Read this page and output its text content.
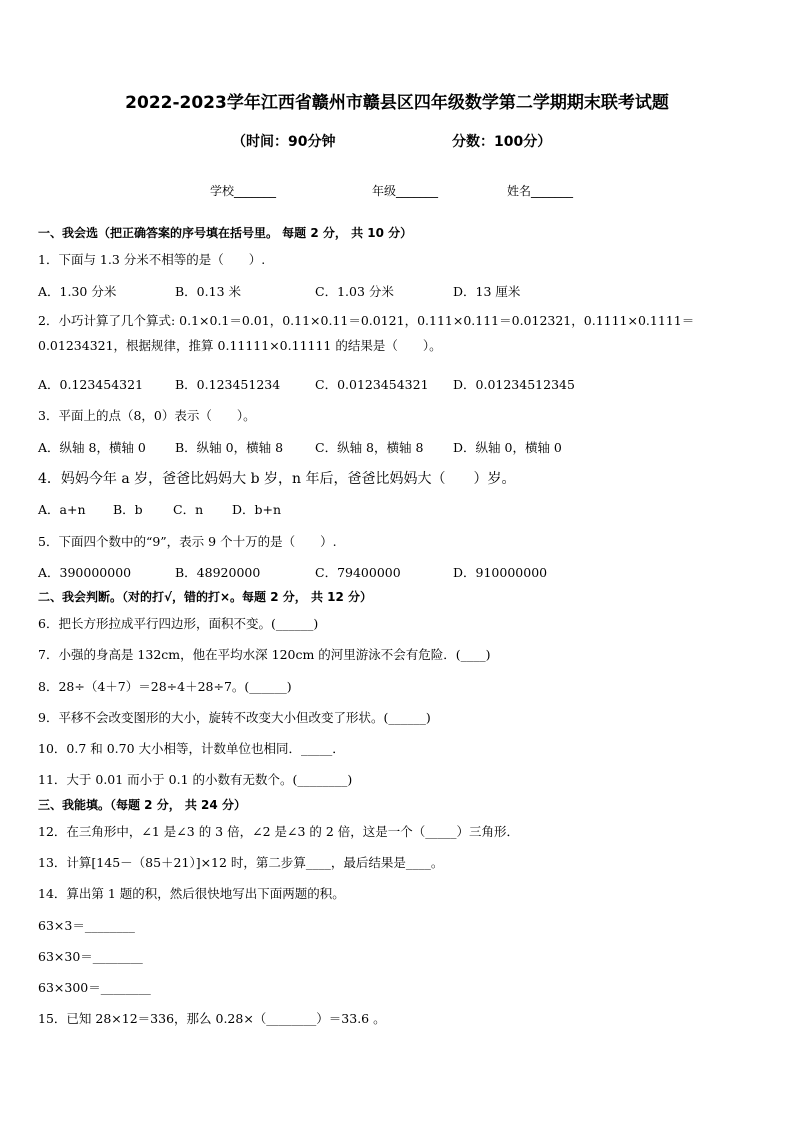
2022-2023学年江西省赣州市赣县区四年级数学第二学期期末联考试题
（时间：90分钟	分数：100分）
学校_______	年级_______	姓名_______
一、我会选（把正确答案的序号填在括号里。 每题 2 分， 共 10 分）
1．下面与 1.3 分米不相等的是（　　）.
A．1.30 分米	B．0.13 米	C．1.03 分米	D．13 厘米
2．小巧计算了几个算式: 0.1×0.1＝0.01，0.11×0.11＝0.0121，0.111×0.111＝0.012321，0.1111×0.1111＝0.01234321，根据规律，推算 0.11111×0.11111 的结果是（　　）。
A．0.123454321	B．0.123451234	C．0.0123454321 D．0.01234512345
3．平面上的点（8，0）表示（　　）。
A．纵轴 8，横轴 0 B．纵轴 0，横轴 8	C．纵轴 8，横轴 8 D．纵轴 0，横轴 0
4．妈妈今年 a 岁，爸爸比妈妈大 b 岁，n 年后，爸爸比妈妈大（　　）岁。
A．a+n B．b C．n D．b+n
5．下面四个数中的“9”，表示 9 个十万的是（　　）.
A．390000000	B．48920000	C．79400000	D．910000000
二、我会判断。（对的打√，错的打×。每题 2 分， 共 12 分）
6．把长方形拉成平行四边形，面积不变。(______)
7．小强的身高是 132cm，他在平均水深 120cm 的河里游泳不会有危险．(____)
8．28÷（4＋7）＝28÷4＋28÷7。(______)
9．平移不会改变图形的大小，旋转不改变大小但改变了形状。(______)
10．0.7 和 0.70 大小相等，计数单位也相同．_____．
11．大于 0.01 而小于 0.1 的小数有无数个。(________)
三、我能填。（每题 2 分， 共 24 分）
12．在三角形中，∠1 是∠3 的 3 倍，∠2 是∠3 的 2 倍，这是一个（_____）三角形．
13．计算[145－（85＋21）]×12 时，第二步算____，最后结果是____。
14．算出第 1 题的积，然后很快地写出下面两题的积。
63×3＝________
63×30＝________
63×300＝________
15．已知 28×12＝336，那么 0.28×（________）＝33.6 。
